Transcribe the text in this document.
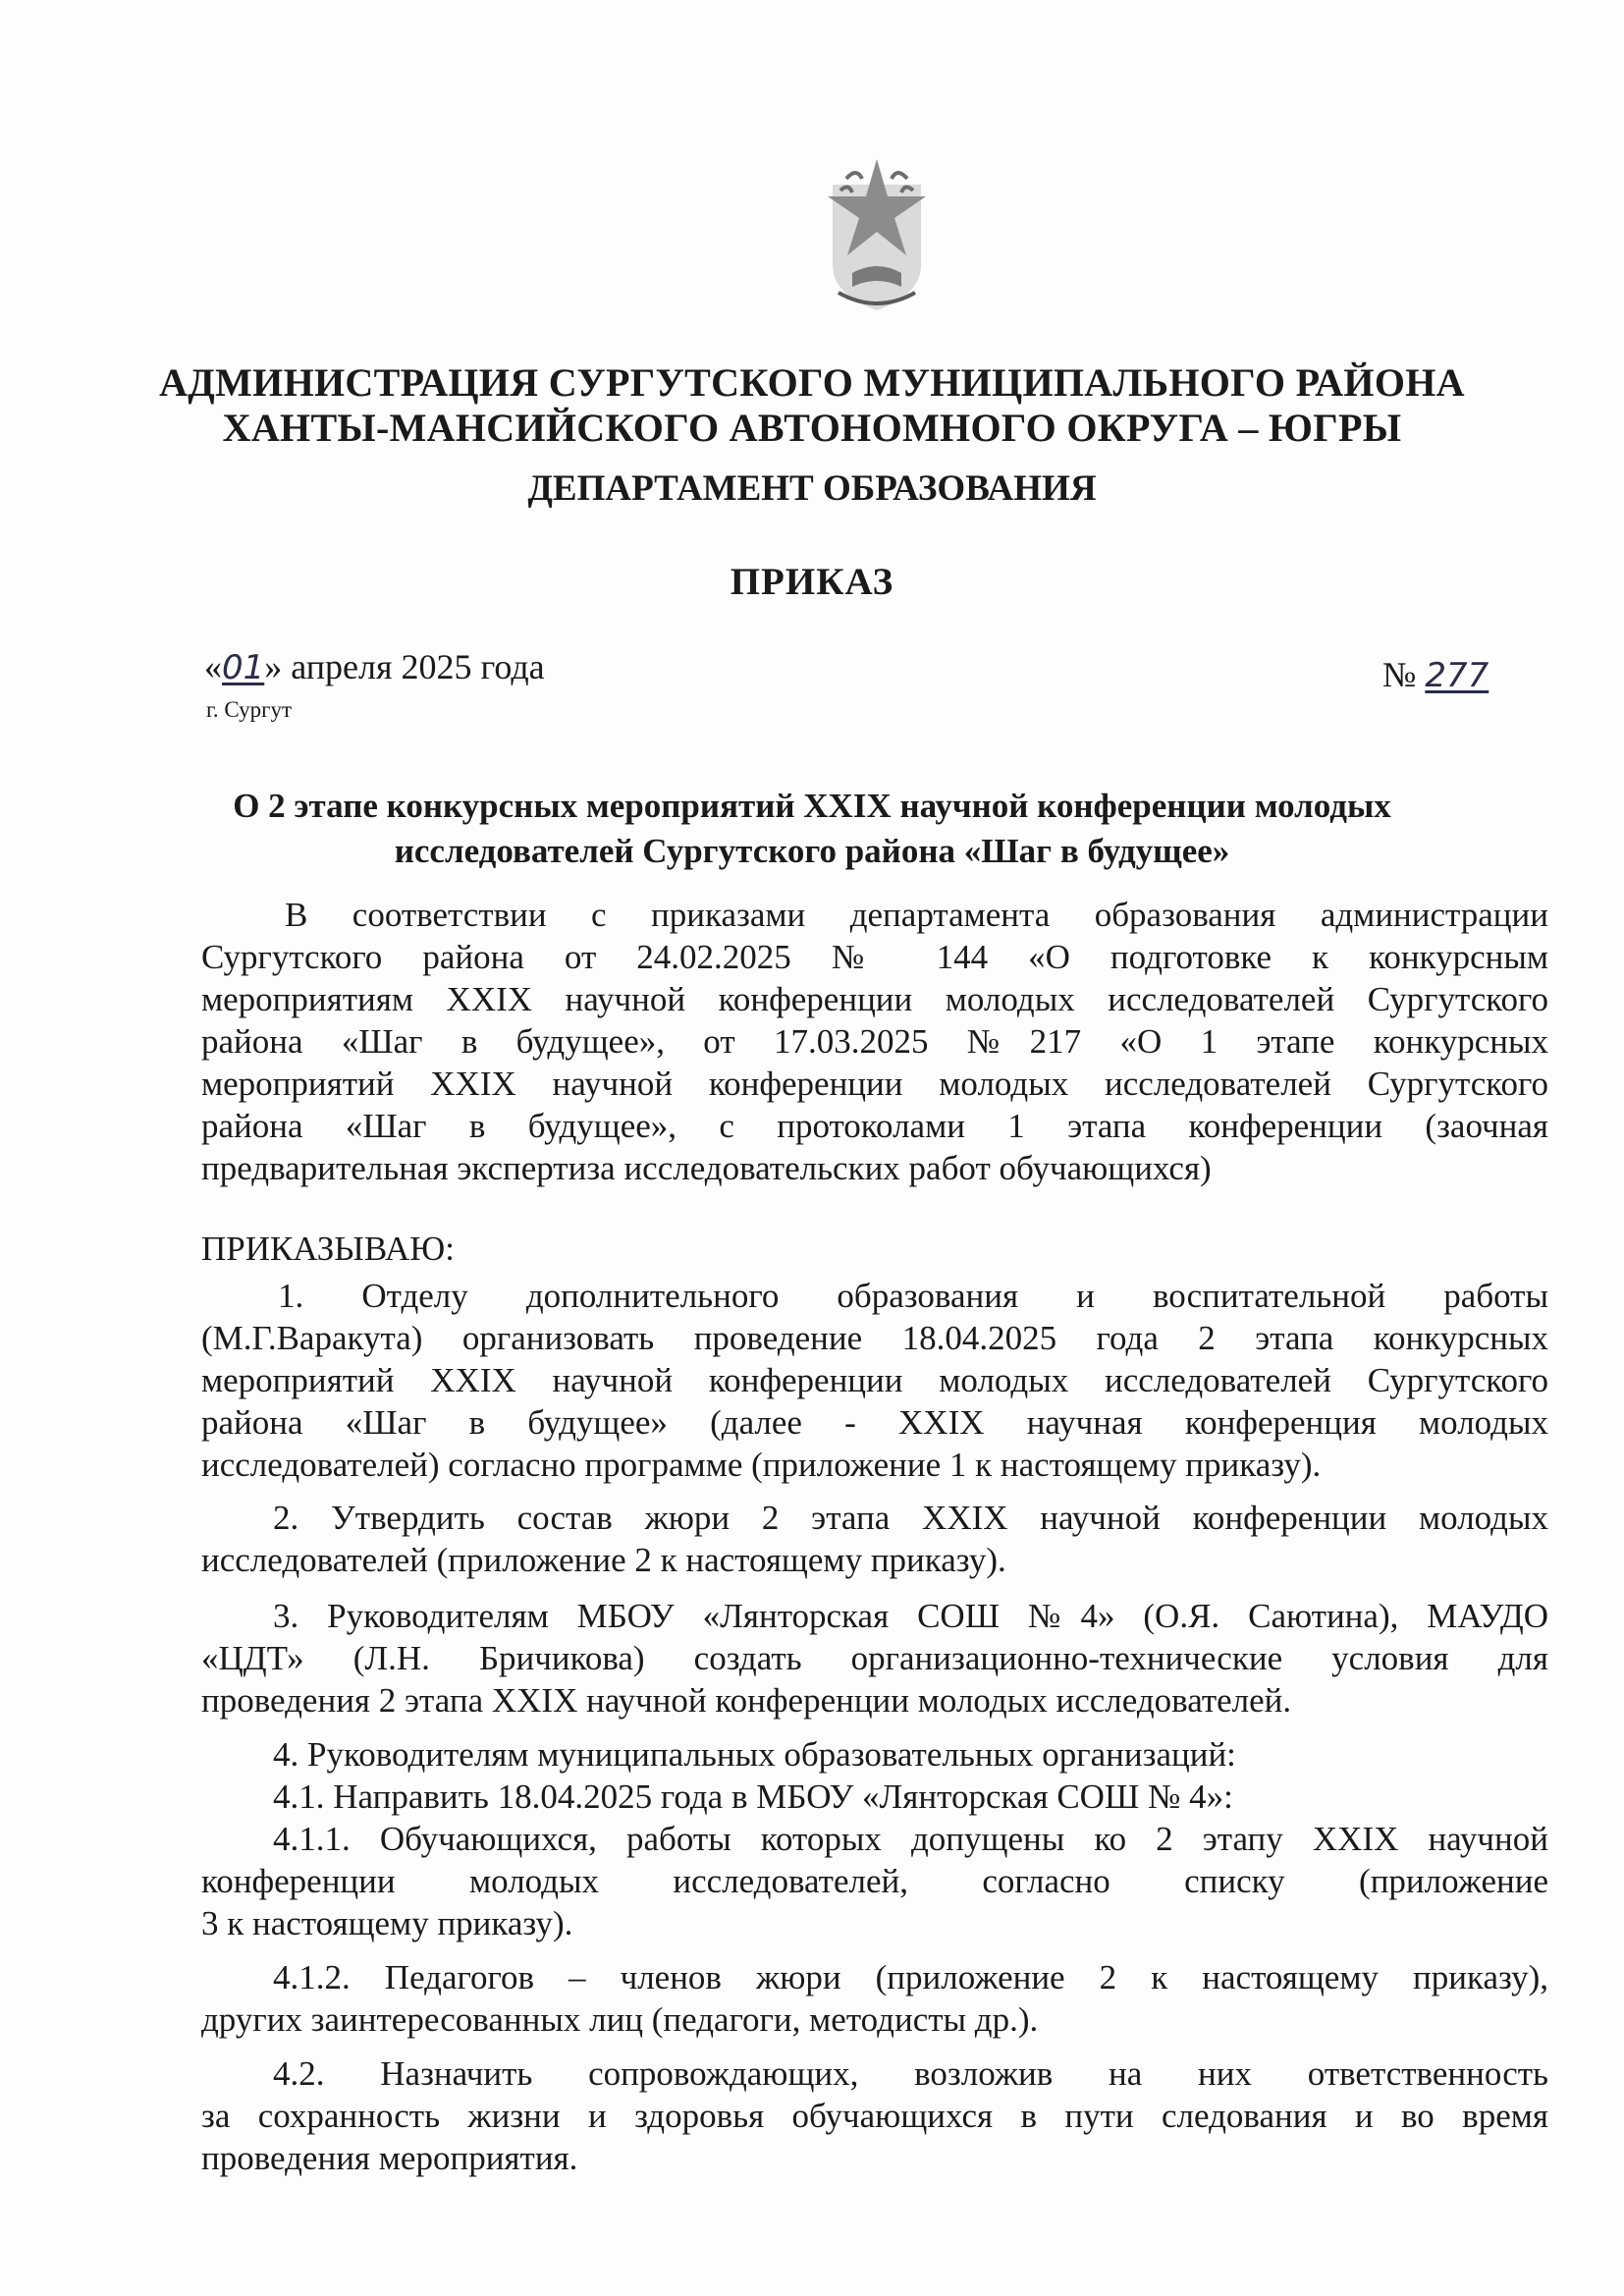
АДМИНИСТРАЦИЯ СУРГУТСКОГО МУНИЦИПАЛЬНОГО РАЙОНА
ХАНТЫ-МАНСИЙСКОГО АВТОНОМНОГО ОКРУГА – ЮГРЫ
ДЕПАРТАМЕНТ ОБРАЗОВАНИЯ
ПРИКАЗ
«01» апреля 2025 года
г. Сургут
№ 277
О 2 этапе конкурсных мероприятий XXIX научной конференции молодых
исследователей Сургутского района «Шаг в будущее»
В соответствии с приказами департамента образования администрации
Сургутского района от 24.02.2025 № 144 «О подготовке к конкурсным
мероприятиям XXIX научной конференции молодых исследователей Сургутского
района «Шаг в будущее», от 17.03.2025 №217 «О 1 этапе конкурсных
мероприятий XXIX научной конференции молодых исследователей Сургутского
района «Шаг в будущее», с протоколами 1 этапа конференции (заочная
предварительная экспертиза исследовательских работ обучающихся)
ПРИКАЗЫВАЮ:
1. Отделу дополнительного образования и воспитательной работы
(М.Г.Варакута) организовать проведение 18.04.2025 года 2 этапа конкурсных
мероприятий XXIX научной конференции молодых исследователей Сургутского
района «Шаг в будущее» (далее - XXIX научная конференция молодых
исследователей) согласно программе (приложение 1 к настоящему приказу).
2. Утвердить состав жюри 2 этапа XXIX научной конференции молодых
исследователей (приложение 2 к настоящему приказу).
3. Руководителям МБОУ «Лянторская СОШ №4» (О.Я. Саютина), МАУДО
«ЦДТ» (Л.Н. Бричикова) создать организационно-технические условия для
проведения 2 этапа XXIX научной конференции молодых исследователей.
4. Руководителям муниципальных образовательных организаций:
4.1. Направить 18.04.2025 года в МБОУ «Лянторская СОШ № 4»:
4.1.1. Обучающихся, работы которых допущены ко 2 этапу XXIX научной
конференции молодых исследователей, согласно списку (приложение
3 к настоящему приказу).
4.1.2. Педагогов – членов жюри (приложение 2 к настоящему приказу),
других заинтересованных лиц (педагоги, методисты др.).
4.2. Назначить сопровождающих, возложив на них ответственность
за сохранность жизни и здоровья обучающихся в пути следования и во время
проведения мероприятия.
